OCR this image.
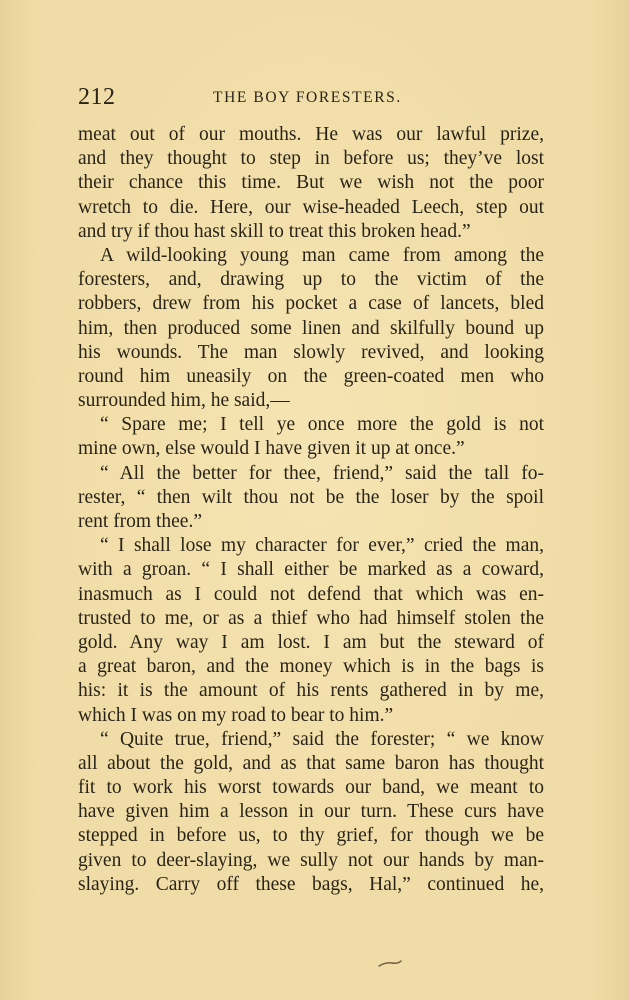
212	THE BOY FORESTERS.
meat out of our mouths. He was our lawful prize,
and they thought to step in before us; they’ve lost
their chance this time. But we wish not the poor
wretch to die. Here, our wise-headed Leech, step out
and try if thou hast skill to treat this broken head.”
A wild-looking young man came from among the
foresters, and, drawing up to the victim of the
robbers, drew from his pocket a case of lancets, bled
him, then produced some linen and skilfully bound up
his wounds. The man slowly revived, and looking
round him uneasily on the green-coated men who
surrounded him, he said,—
“ Spare me; I tell ye once more the gold is not
mine own, else would I have given it up at once.”
“ All the better for thee, friend,” said the tall fo-
rester, “ then wilt thou not be the loser by the spoil
rent from thee.”
“ I shall lose my character for ever,” cried the man,
with a groan. “ I shall either be marked as a coward,
inasmuch as I could not defend that which was en-
trusted to me, or as a thief who had himself stolen the
gold. Any way I am lost. I am but the steward of
a great baron, and the money which is in the bags is
his: it is the amount of his rents gathered in by me,
which I was on my road to bear to him.”
“ Quite true, friend,” said the forester; “ we know
all about the gold, and as that same baron has thought
fit to work his worst towards our band, we meant to
have given him a lesson in our turn. These curs have
stepped in before us, to thy grief, for though we be
given to deer-slaying, we sully not our hands by man-
slaying. Carry off these bags, Hal,” continued he,
